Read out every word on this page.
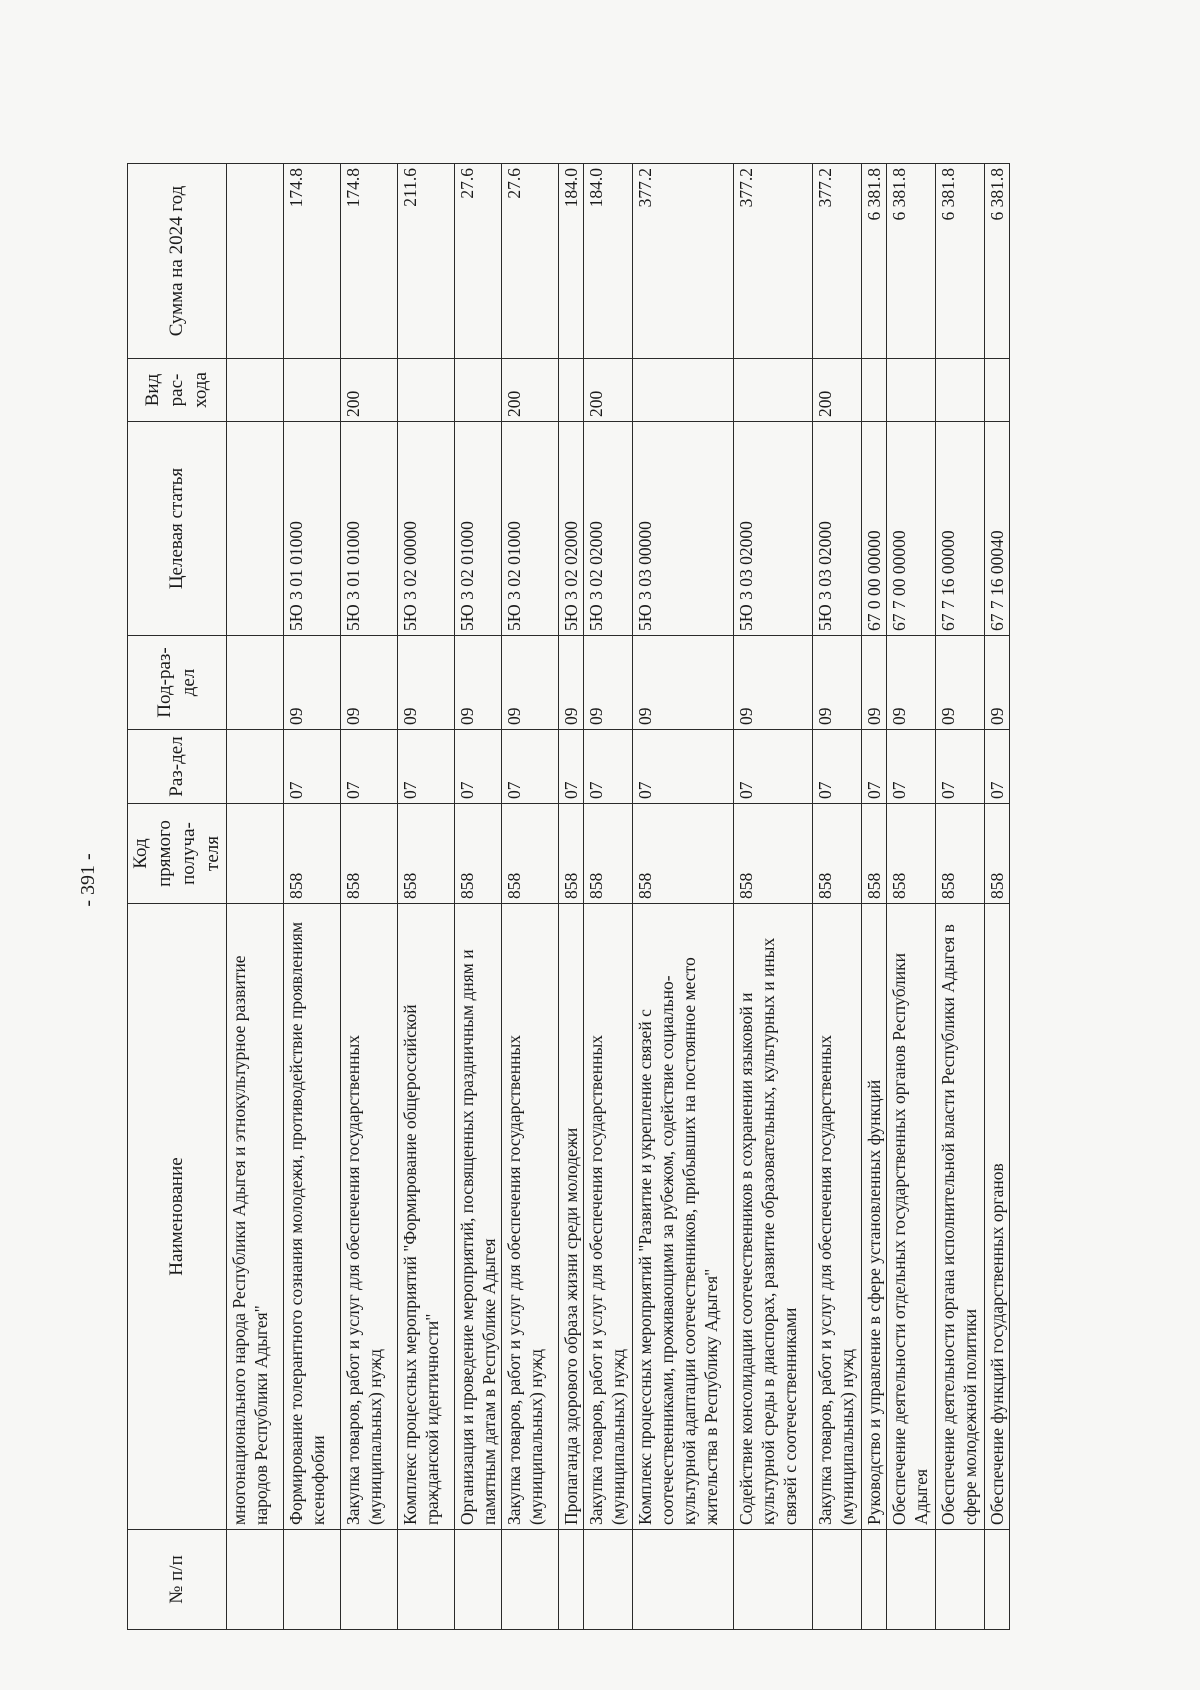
- 391 -
№ п/п	Наименование	Код прямого получа-теля	Раз-дел	Под-раз-дел	Целевая статья	Вид рас-хода	Сумма на 2024 год
	многонационального народа Республики Адыгея и этнокультурное развитие народов Республики Адыгея"						
	Формирование толерантного сознания молодежи, противодействие проявлениям ксенофобии	858	07	09	5Ю 3 01 01000		174.8
	Закупка товаров, работ и услуг для обеспечения государственных (муниципальных) нужд	858	07	09	5Ю 3 01 01000	200	174.8
	Комплекс процессных мероприятий "Формирование общероссийской гражданской идентичности"	858	07	09	5Ю 3 02 00000		211.6
	Организация и проведение мероприятий, посвященных праздничным дням и памятным датам в Республике Адыгея	858	07	09	5Ю 3 02 01000		27.6
	Закупка товаров, работ и услуг для обеспечения государственных (муниципальных) нужд	858	07	09	5Ю 3 02 01000	200	27.6
	Пропаганда здорового образа жизни среди молодежи	858	07	09	5Ю 3 02 02000		184.0
	Закупка товаров, работ и услуг для обеспечения государственных (муниципальных) нужд	858	07	09	5Ю 3 02 02000	200	184.0
	Комплекс процессных мероприятий "Развитие и укрепление связей с соотечественниками, проживающими за рубежом, содействие социально-культурной адаптации соотечественников, прибывших на постоянное место жительства в Республику Адыгея"	858	07	09	5Ю 3 03 00000		377.2
	Содействие консолидации соотечественников в сохранении языковой и культурной среды в диаспорах, развитие образовательных, культурных и иных связей с соотечественниками	858	07	09	5Ю 3 03 02000		377.2
	Закупка товаров, работ и услуг для обеспечения государственных (муниципальных) нужд	858	07	09	5Ю 3 03 02000	200	377.2
	Руководство и управление в сфере установленных функций	858	07	09	67 0 00 00000		6 381.8
	Обеспечение деятельности отдельных государственных органов Республики Адыгея	858	07	09	67 7 00 00000		6 381.8
	Обеспечение деятельности органа исполнительной власти Республики Адыгея в сфере молодежной политики	858	07	09	67 7 16 00000		6 381.8
	Обеспечение функций государственных органов	858	07	09	67 7 16 00040		6 381.8
